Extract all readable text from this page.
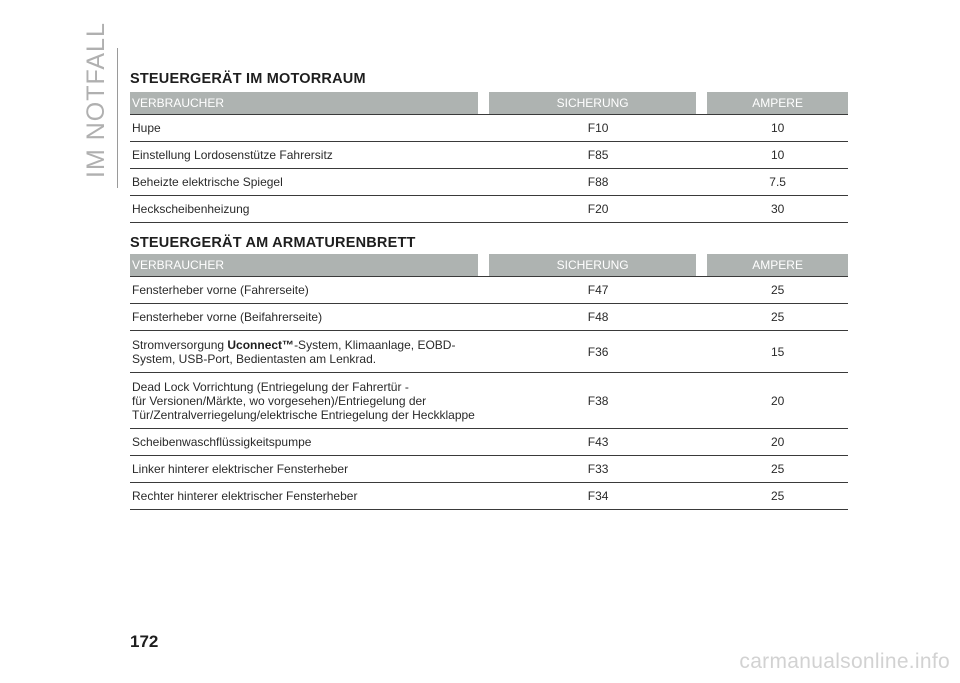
IM NOTFALL STEUERGERÄT IM MOTORRAUM
VERBRAUCHER	SICHERUNG	AMPERE
Hupe	F10	10
Einstellung Lordosenstütze Fahrersitz	F85	10
Beheizte elektrische Spiegel	F88	7.5
Heckscheibenheizung	F20	30
STEUERGERÄT AM ARMATURENBRETT
VERBRAUCHER	SICHERUNG	AMPERE
Fensterheber vorne (Fahrerseite)	F47	25
Fensterheber vorne (Beifahrerseite)	F48	25
Stromversorgung Uconnect™-System, Klimaanlage, EOBD-
System, USB-Port, Bedientasten am Lenkrad.	F36	15
Dead Lock Vorrichtung (Entriegelung der Fahrertür -
für Versionen/Märkte, wo vorgesehen)/Entriegelung der
Tür/Zentralverriegelung/elektrische Entriegelung der Heckklappe	F38	20
Scheibenwaschflüssigkeitspumpe	F43	20
Linker hinterer elektrischer Fensterheber	F33	25
Rechter hinterer elektrischer Fensterheber	F34	25
172
carmanualsonline.info
